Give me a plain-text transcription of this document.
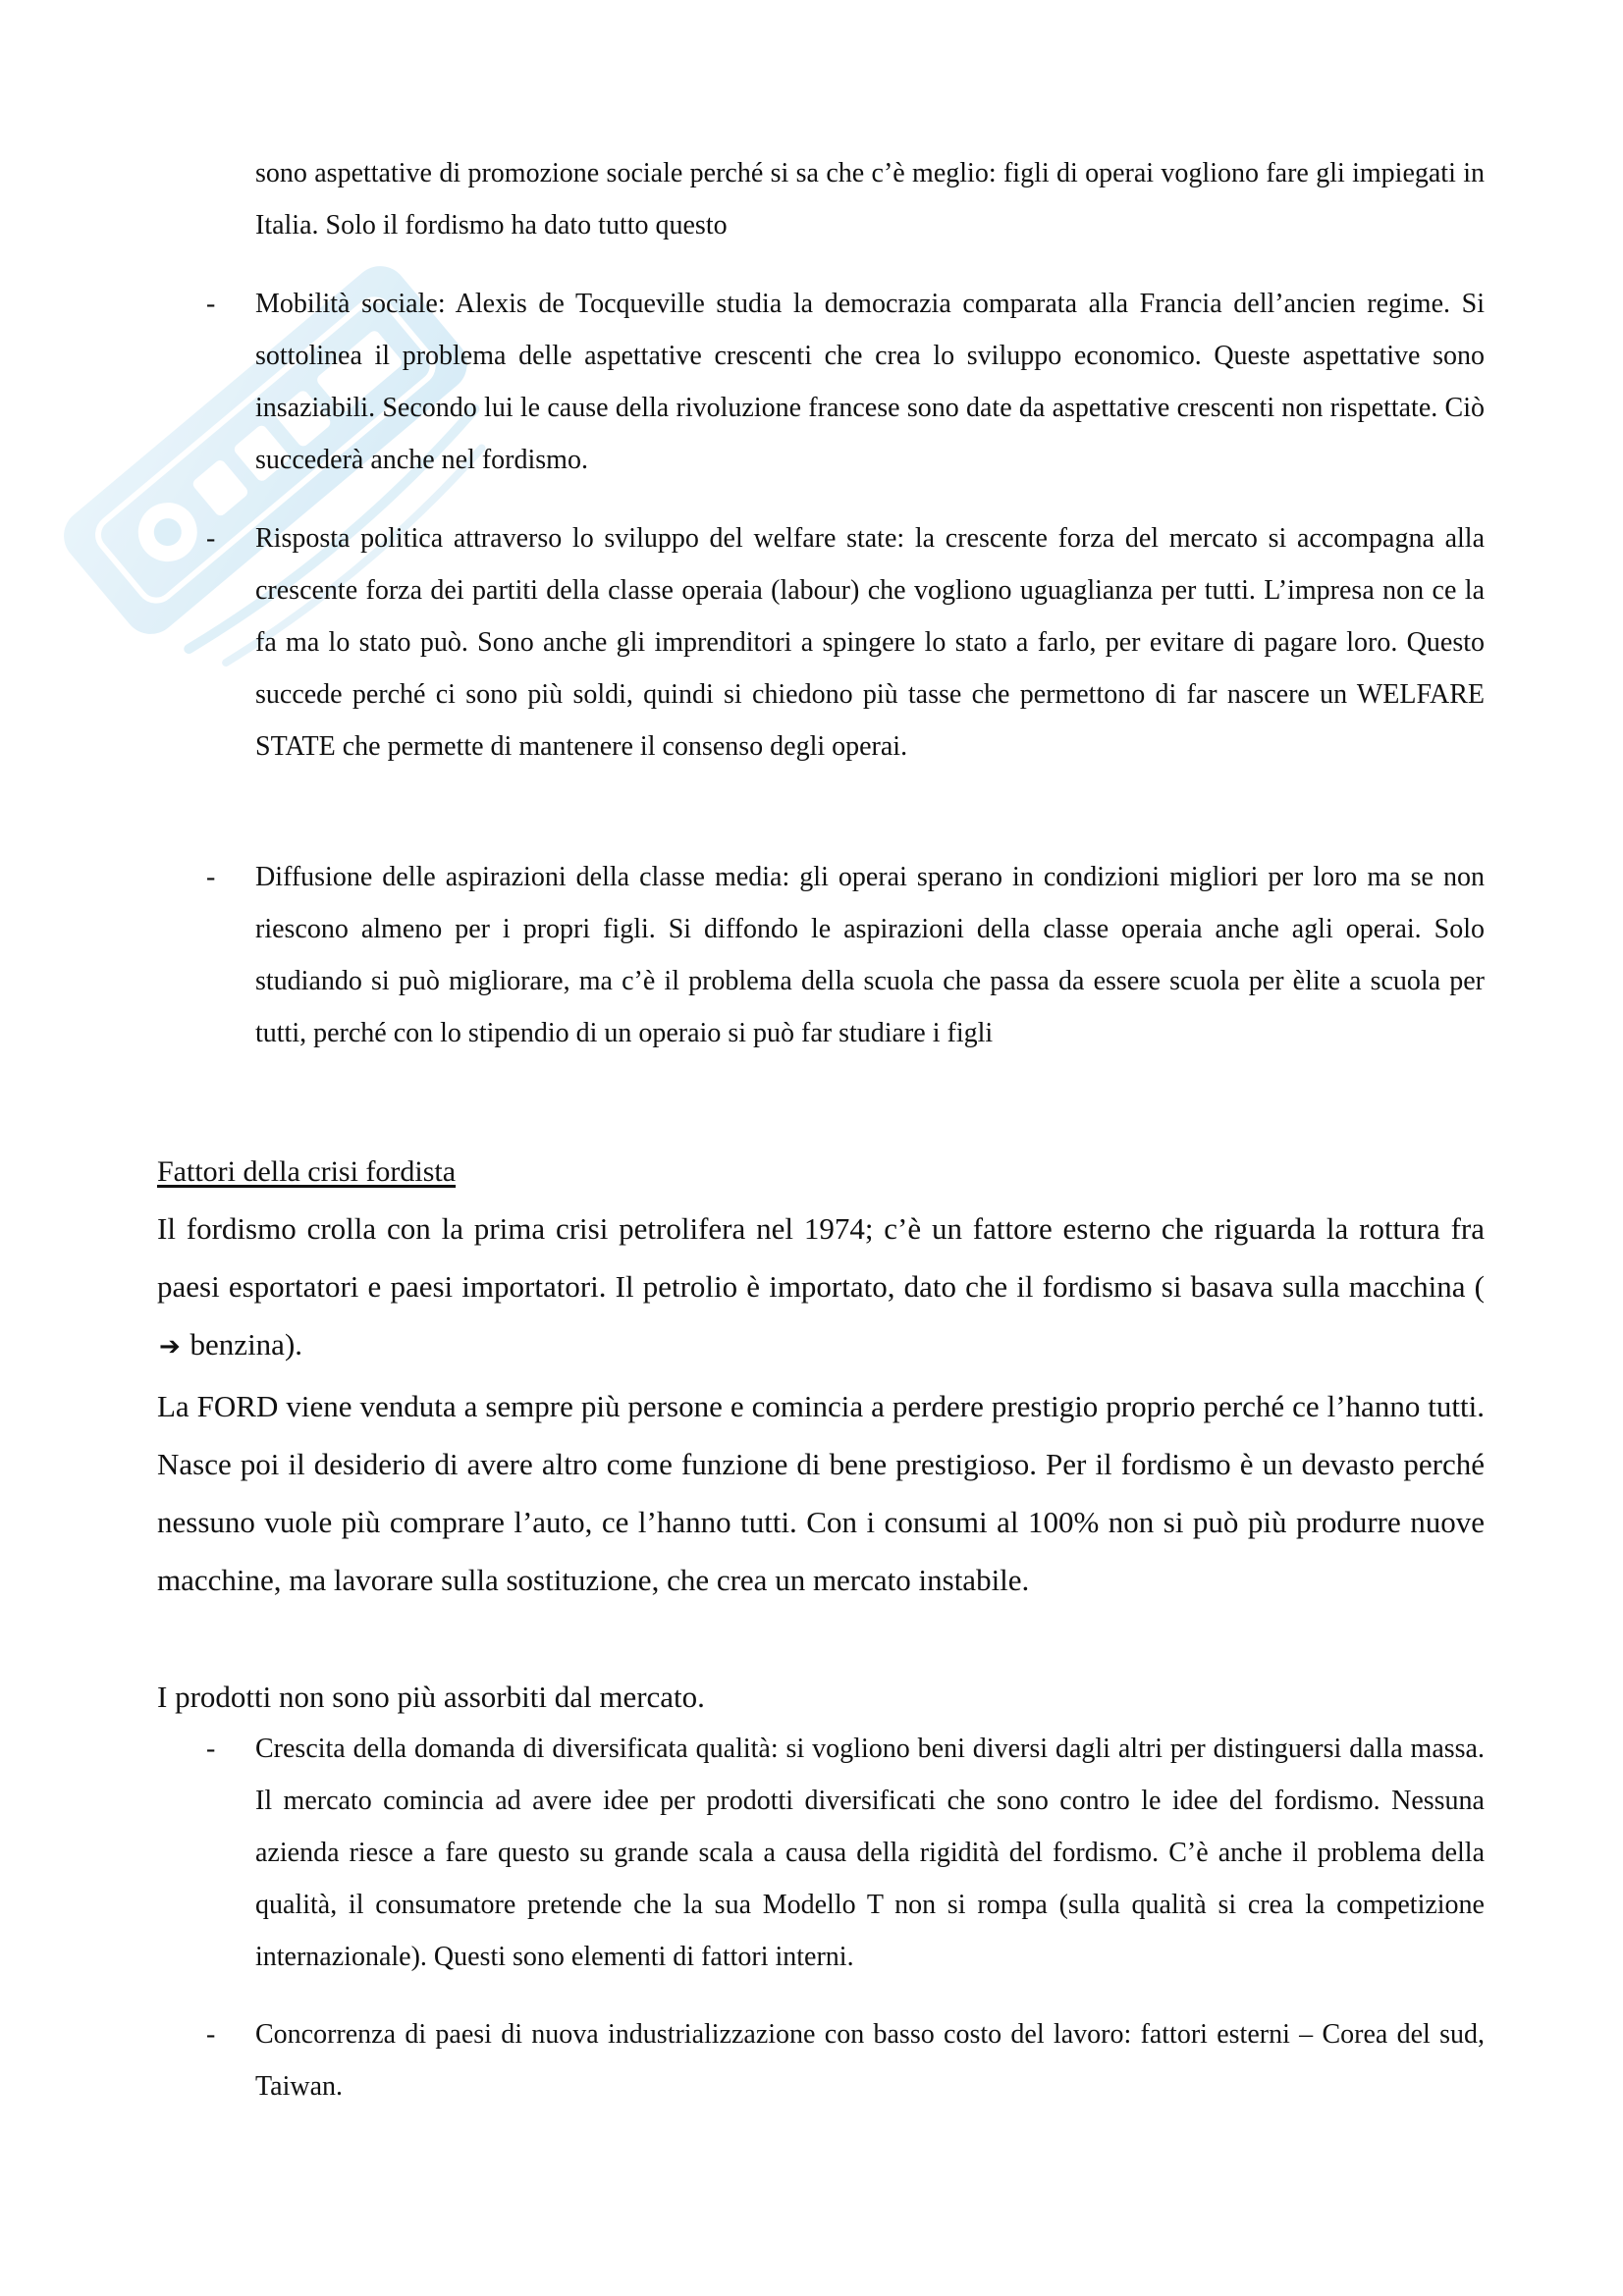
sono aspettative di promozione sociale perché si sa che c’è meglio: figli di operai vogliono fare gli impiegati in Italia. Solo il fordismo ha dato tutto questo
- Mobilità sociale: Alexis de Tocqueville studia la democrazia comparata alla Francia dell’ancien regime. Si sottolinea il problema delle aspettative crescenti che crea lo sviluppo economico. Queste aspettative sono insaziabili. Secondo lui le cause della rivoluzione francese sono date da aspettative crescenti non rispettate. Ciò succederà anche nel fordismo.
- Risposta politica attraverso lo sviluppo del welfare state: la crescente forza del mercato si accompagna alla crescente forza dei partiti della classe operaia (labour) che vogliono uguaglianza per tutti. L’impresa non ce la fa ma lo stato può. Sono anche gli imprenditori a spingere lo stato a farlo, per evitare di pagare loro. Questo succede perché ci sono più soldi, quindi si chiedono più tasse che permettono di far nascere un WELFARE STATE che permette di mantenere il consenso degli operai.
- Diffusione delle aspirazioni della classe media: gli operai sperano in condizioni migliori per loro ma se non riescono almeno per i propri figli. Si diffondo le aspirazioni della classe operaia anche agli operai. Solo studiando si può migliorare, ma c’è il problema della scuola che passa da essere scuola per èlite a scuola per tutti, perché con lo stipendio di un operaio si può far studiare i figli
Fattori della crisi fordista
Il fordismo crolla con la prima crisi petrolifera nel 1974; c’è un fattore esterno che riguarda la rottura fra paesi esportatori e paesi importatori. Il petrolio è importato, dato che il fordismo si basava sulla macchina (➔ benzina).
La FORD viene venduta a sempre più persone e comincia a perdere prestigio proprio perché ce l’hanno tutti. Nasce poi il desiderio di avere altro come funzione di bene prestigioso. Per il fordismo è un devasto perché nessuno vuole più comprare l’auto, ce l’hanno tutti. Con i consumi al 100% non si può più produrre nuove macchine, ma lavorare sulla sostituzione, che crea un mercato instabile.
I prodotti non sono più assorbiti dal mercato.
- Crescita della domanda di diversificata qualità: si vogliono beni diversi dagli altri per distinguersi dalla massa. Il mercato comincia ad avere idee per prodotti diversificati che sono contro le idee del fordismo. Nessuna azienda riesce a fare questo su grande scala a causa della rigidità del fordismo. C’è anche il problema della qualità, il consumatore pretende che la sua Modello T non si rompa (sulla qualità si crea la competizione internazionale). Questi sono elementi di fattori interni.
- Concorrenza di paesi di nuova industrializzazione con basso costo del lavoro: fattori esterni – Corea del sud, Taiwan.
